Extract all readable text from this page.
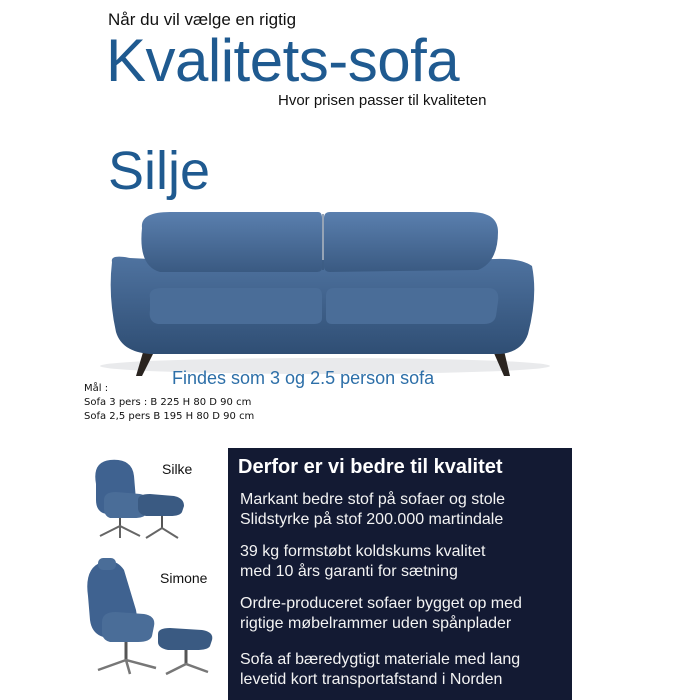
Når du vil vælge en rigtig
Kvalitets-sofa
Hvor prisen passer til kvaliteten
Silje
Findes som 3 og 2.5 person sofa
Mål :
Sofa 3 pers : B 225 H 80 D 90 cm
Sofa 2,5 pers B 195 H 80 D 90 cm
Silke
Simone
Derfor er vi bedre til kvalitet
Markant bedre stof på sofaer og stole
Slidstyrke på stof 200.000 martindale
39 kg formstøbt koldskums kvalitet
med 10 års garanti for sætning
Ordre-produceret sofaer bygget op med
rigtige møbelrammer uden spånplader
Sofa af bæredygtigt materiale med lang
levetid kort transportafstand i Norden
